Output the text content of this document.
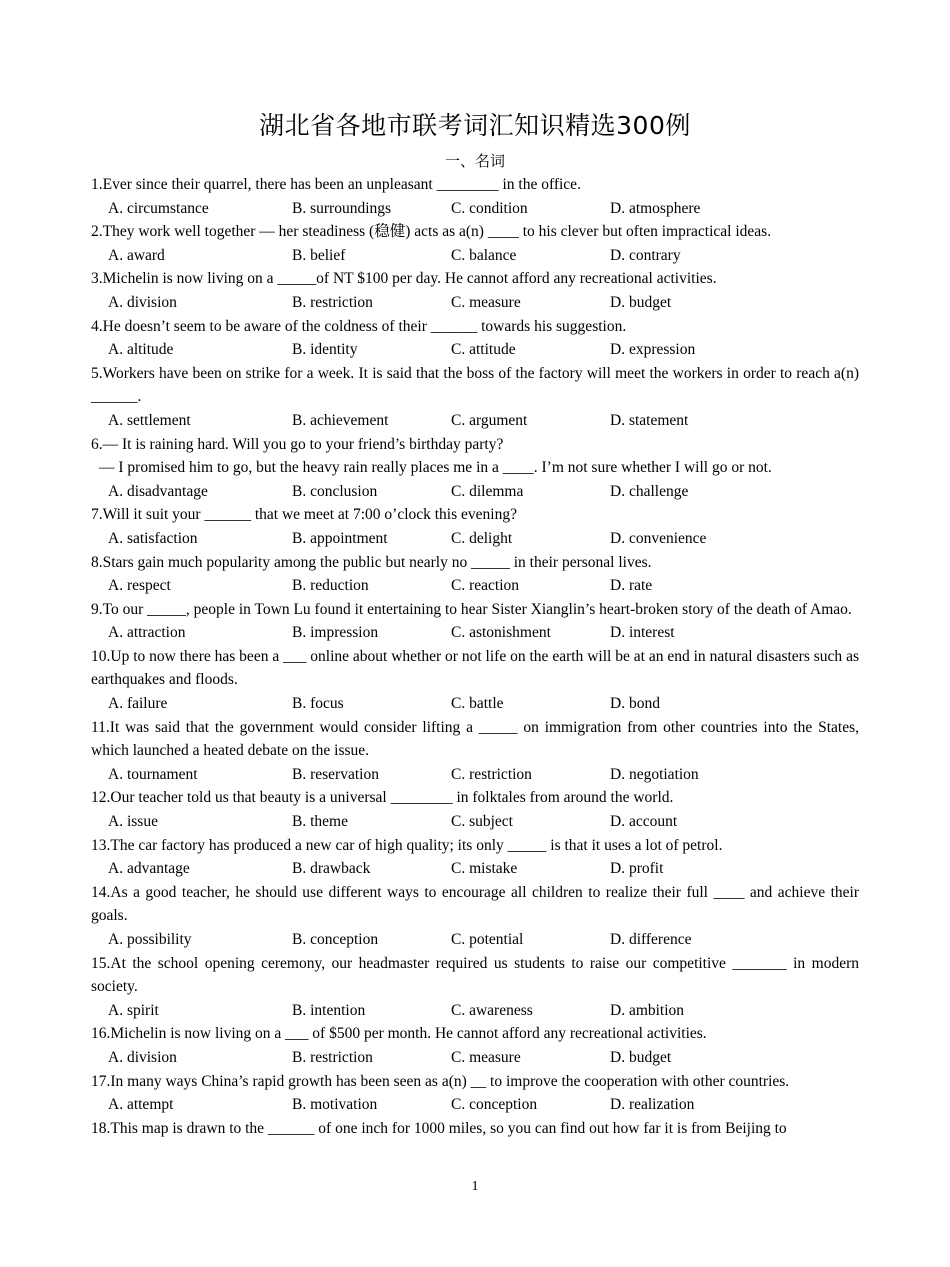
湖北省各地市联考词汇知识精选300例
一、名词
1.Ever since their quarrel, there has been an unpleasant ________ in the office.
A. circumstance	B. surroundings	C. condition	D. atmosphere
2.They work well together — her steadiness (稳健) acts as a(n) ____ to his clever but often impractical ideas.
A. award	B. belief	C. balance	D. contrary
3.Michelin is now living on a _____of NT $100 per day. He cannot afford any recreational activities.
A. division	B. restriction	C. measure	D. budget
4.He doesn’t seem to be aware of the coldness of their ______ towards his suggestion.
A. altitude	B. identity	C. attitude	D. expression
5.Workers have been on strike for a week. It is said that the boss of the factory will meet the workers in order to reach a(n) ______.
A. settlement	B. achievement	C. argument	D. statement
6.— It is raining hard. Will you go to your friend’s birthday party?
— I promised him to go, but the heavy rain really places me in a ____. I’m not sure whether I will go or not.
A. disadvantage	B. conclusion	C. dilemma	D. challenge
7.Will it suit your ______ that we meet at 7:00 o’clock this evening?
A. satisfaction	B. appointment	C. delight	D. convenience
8.Stars gain much popularity among the public but nearly no _____ in their personal lives.
A. respect	B. reduction	C. reaction	D. rate
9.To our _____, people in Town Lu found it entertaining to hear Sister Xianglin’s heart-broken story of the death of Amao.
A. attraction	B. impression	C. astonishment	D. interest
10.Up to now there has been a ___ online about whether or not life on the earth will be at an end in natural disasters such as earthquakes and floods.
A. failure	B. focus	C. battle	D. bond
11.It was said that the government would consider lifting a _____ on immigration from other countries into the States, which launched a heated debate on the issue.
A. tournament	B. reservation	C. restriction	D. negotiation
12.Our teacher told us that beauty is a universal ________ in folktales from around the world.
A. issue	B. theme	C. subject	D. account
13.The car factory has produced a new car of high quality; its only _____ is that it uses a lot of petrol.
A. advantage	B. drawback	C. mistake	D. profit
14.As a good teacher, he should use different ways to encourage all children to realize their full ____ and achieve their goals.
A. possibility	B. conception	C. potential	D. difference
15.At the school opening ceremony, our headmaster required us students to raise our competitive _______ in modern society.
A. spirit	B. intention	C. awareness	D. ambition
16.Michelin is now living on a ___ of $500 per month. He cannot afford any recreational activities.
A. division	B. restriction	C. measure	D. budget
17.In many ways China’s rapid growth has been seen as a(n) __ to improve the cooperation with other countries.
A. attempt	B. motivation	C. conception	D. realization
18.This map is drawn to the ______ of one inch for 1000 miles, so you can find out how far it is from Beijing to
1
